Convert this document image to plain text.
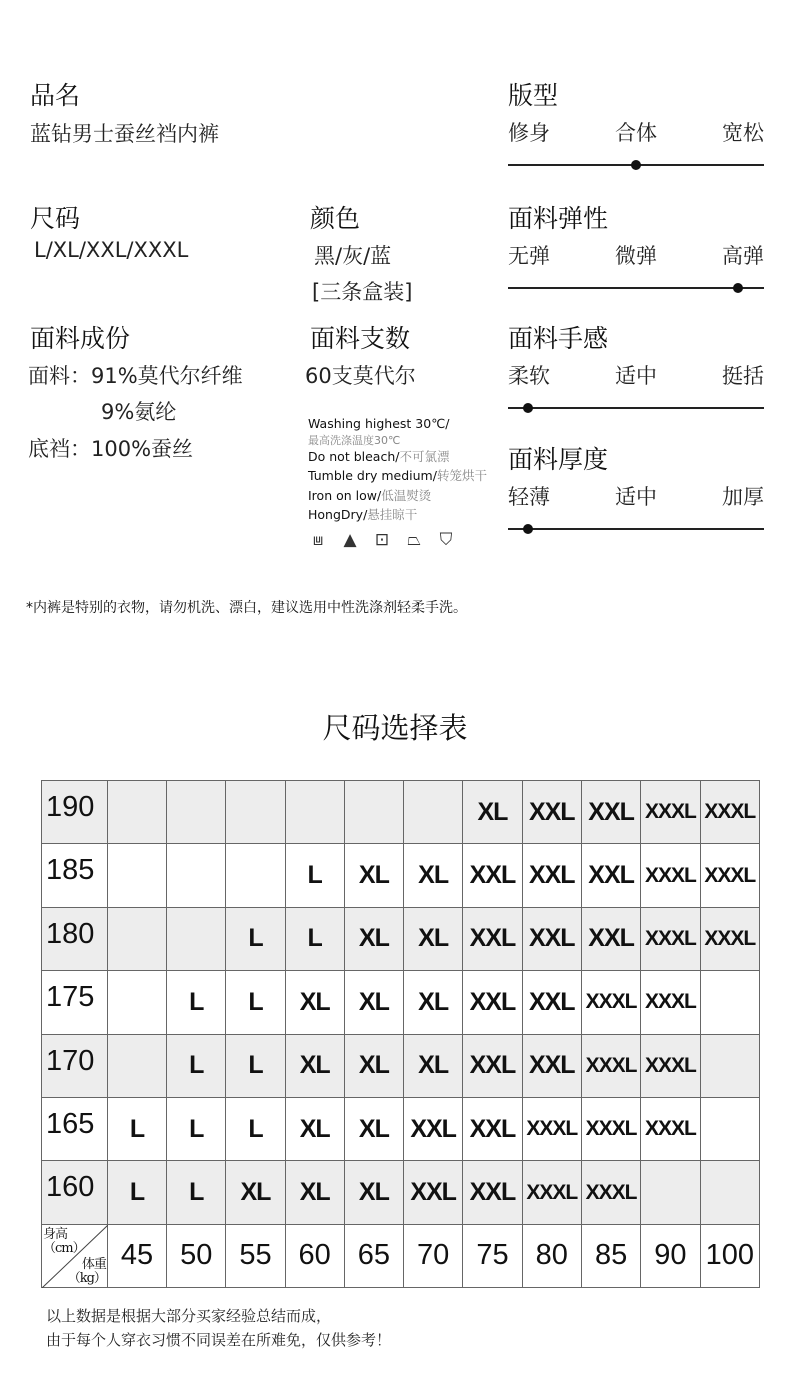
品名
蓝钻男士蚕丝裆内裤
尺码
L/XL/XXL/XXXL
颜色
黑/灰/蓝
[三条盒装]
面料成份
面料：91%莫代尔纤维
9%氨纶
底裆：100%蚕丝
面料支数
60支莫代尔
Washing highest 30℃/
最高洗涤温度30℃
Do not bleach/不可氯漂
Tumble dry medium/转笼烘干
Iron on low/低温熨烫
HongDry/悬挂晾干
⩏	▲ ⊡ ⏢ ⛉
版型
修身	合体	宽松
面料弹性
无弹	微弹	高弹
面料手感
柔软	适中	挺括
面料厚度
轻薄	适中	加厚
*内裤是特别的衣物，请勿机洗、漂白，建议选用中性洗涤剂轻柔手洗。
尺码选择表
190							XL	XXL	XXL	XXXL	XXXL
185				L	XL	XL	XXL	XXL	XXL	XXXL	XXXL
180			L	L	XL	XL	XXL	XXL	XXL	XXXL	XXXL
175		L	L	XL	XL	XL	XXL	XXL	XXXL	XXXL	
170		L	L	XL	XL	XL	XXL	XXL	XXXL	XXXL	
165	L	L	L	XL	XL	XXL	XXL	XXXL	XXXL	XXXL	
160	L	L	XL	XL	XL	XXL	XXL	XXXL	XXXL		

身高
（cm）
体重
（kg）	45	50	55	60	65	70	75	80	85	90	100
以上数据是根据大部分买家经验总结而成，
由于每个人穿衣习惯不同误差在所难免，仅供参考！
